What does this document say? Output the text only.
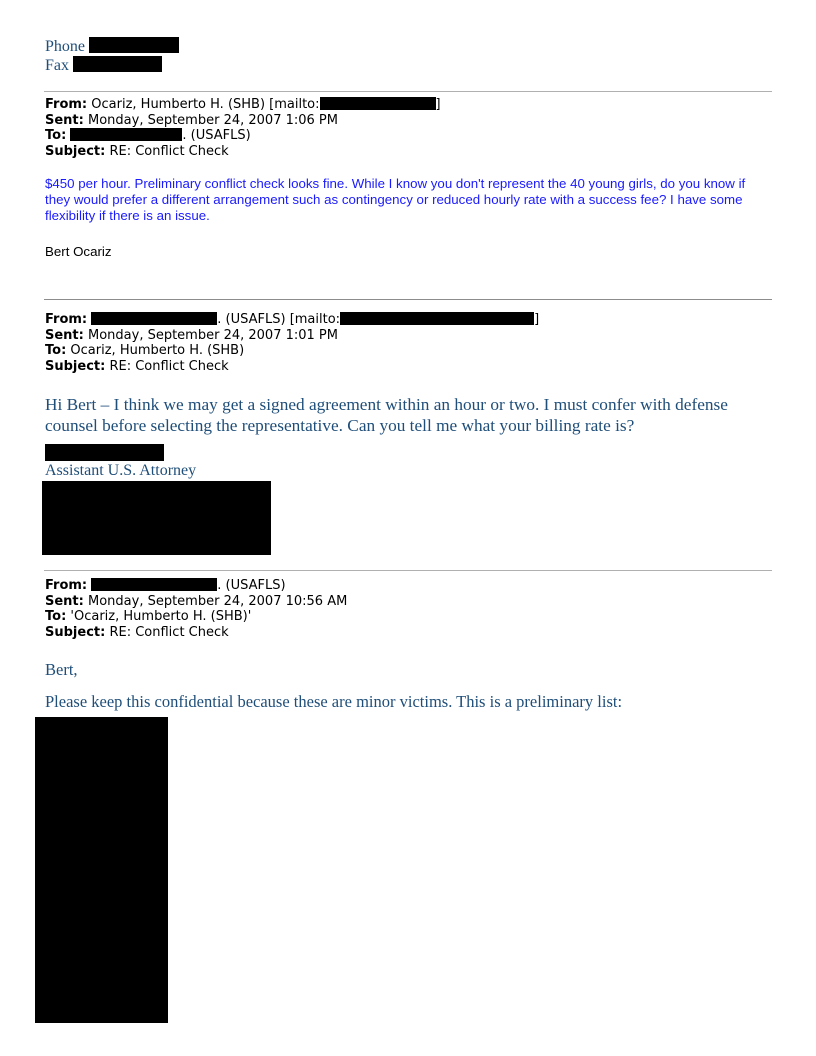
Phone
Fax
From: Ocariz, Humberto H. (SHB) [mailto:	]
Sent: Monday, September 24, 2007 1:06 PM
To:	. (USAFLS)
Subject: RE: Conflict Check
$450 per hour. Preliminary conflict check looks fine. While I know you don't represent the 40 young girls, do you know if they would prefer a different arrangement such as contingency or reduced hourly rate with a success fee? I have some flexibility if there is an issue.
Bert Ocariz
From:	. (USAFLS) [mailto:	]
Sent: Monday, September 24, 2007 1:01 PM
To: Ocariz, Humberto H. (SHB)
Subject: RE: Conflict Check
Hi Bert – I think we may get a signed agreement within an hour or two. I must confer with defense counsel before selecting the representative. Can you tell me what your billing rate is?
Assistant U.S. Attorney
From:	. (USAFLS)
Sent: Monday, September 24, 2007 10:56 AM
To: 'Ocariz, Humberto H. (SHB)'
Subject: RE: Conflict Check
Bert,
Please keep this confidential because these are minor victims. This is a preliminary list:
